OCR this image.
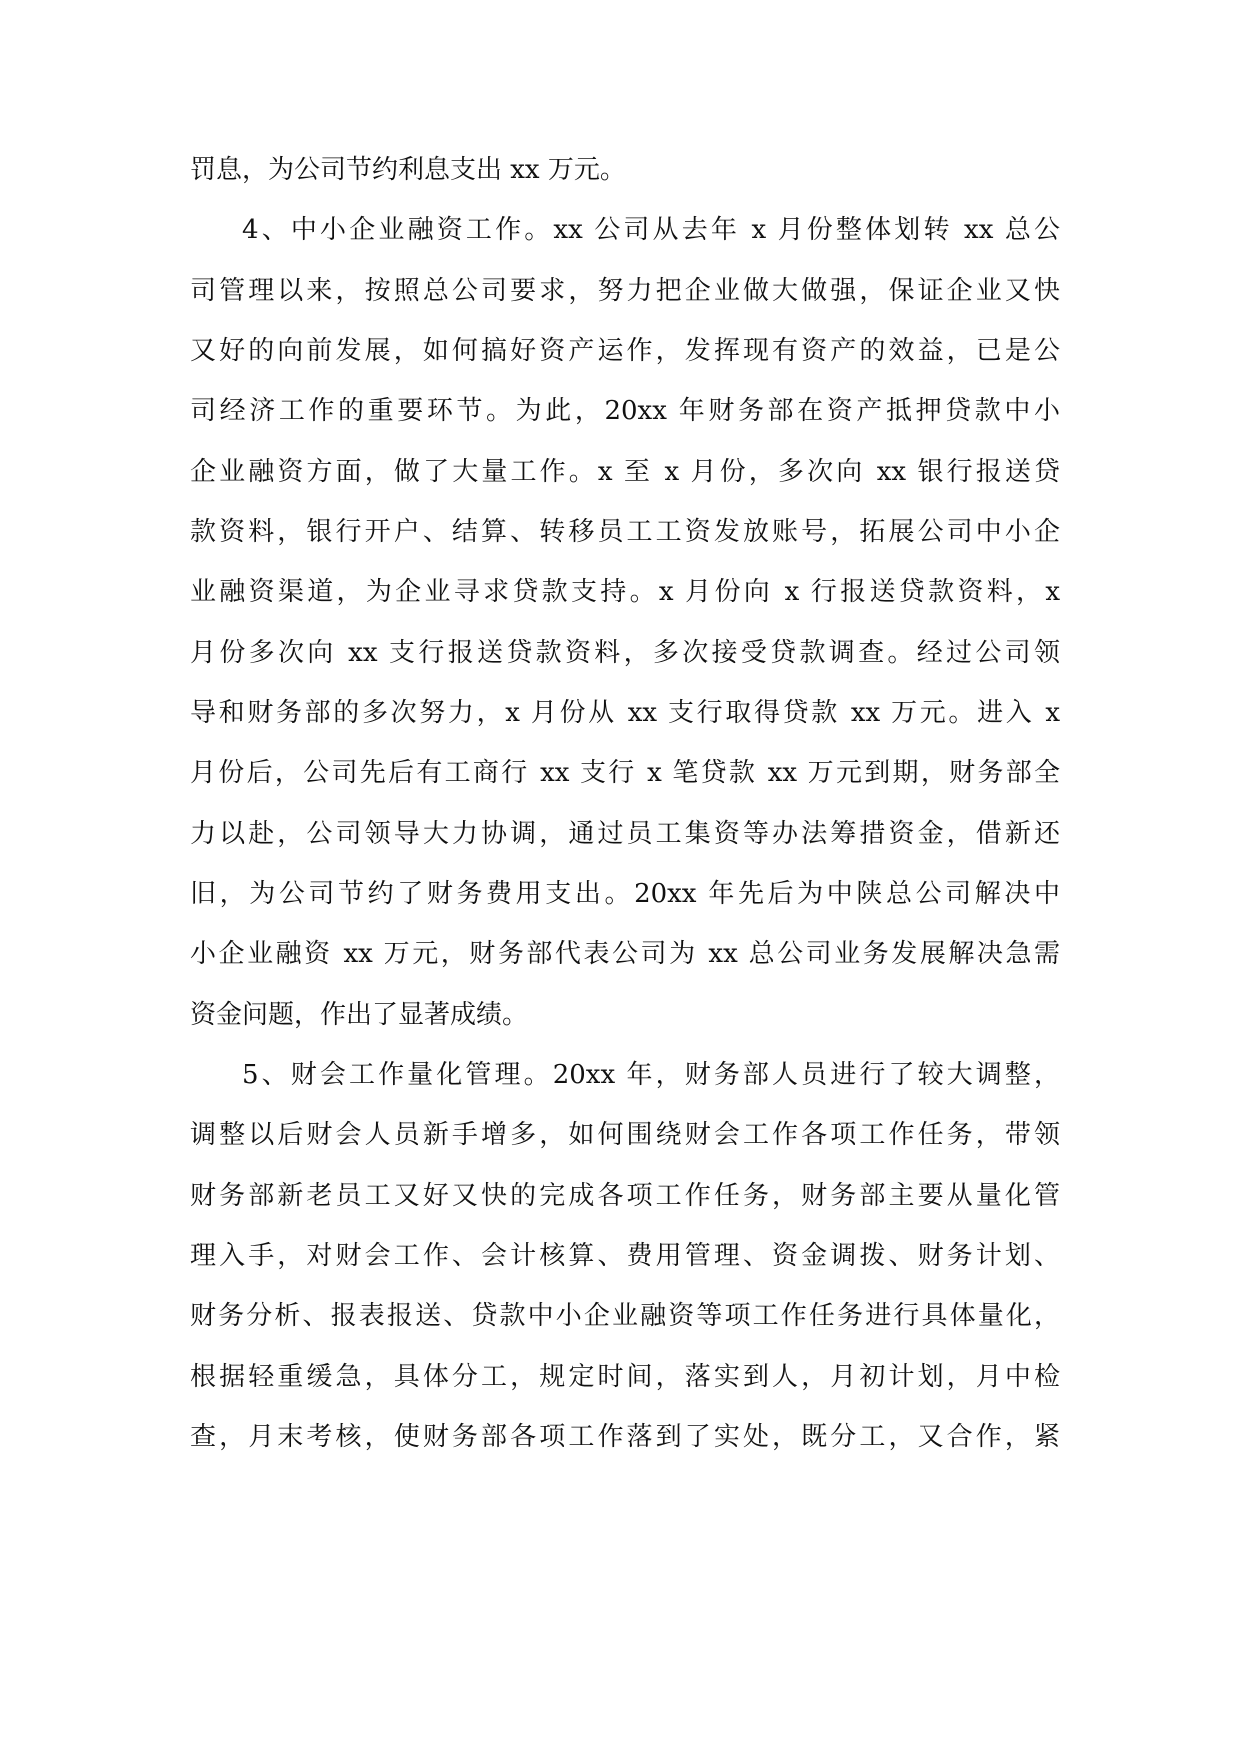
罚息，为公司节约利息支出 xx 万元。
4、中小企业融资工作。xx 公司从去年 x 月份整体划转 xx 总公
司管理以来，按照总公司要求，努力把企业做大做强，保证企业又快
又好的向前发展，如何搞好资产运作，发挥现有资产的效益，已是公
司经济工作的重要环节。为此，20xx 年财务部在资产抵押贷款中小
企业融资方面，做了大量工作。x 至 x 月份，多次向 xx 银行报送贷
款资料，银行开户、结算、转移员工工资发放账号，拓展公司中小企
业融资渠道，为企业寻求贷款支持。x 月份向 x 行报送贷款资料，x
月份多次向 xx 支行报送贷款资料，多次接受贷款调查。经过公司领
导和财务部的多次努力，x 月份从 xx 支行取得贷款 xx 万元。进入 x
月份后，公司先后有工商行 xx 支行 x 笔贷款 xx 万元到期，财务部全
力以赴，公司领导大力协调，通过员工集资等办法筹措资金，借新还
旧，为公司节约了财务费用支出。20xx 年先后为中陕总公司解决中
小企业融资 xx 万元，财务部代表公司为 xx 总公司业务发展解决急需
资金问题，作出了显著成绩。
5、财会工作量化管理。20xx 年，财务部人员进行了较大调整，
调整以后财会人员新手增多，如何围绕财会工作各项工作任务，带领
财务部新老员工又好又快的完成各项工作任务，财务部主要从量化管
理入手，对财会工作、会计核算、费用管理、资金调拨、财务计划、
财务分析、报表报送、贷款中小企业融资等项工作任务进行具体量化，
根据轻重缓急，具体分工，规定时间，落实到人，月初计划，月中检
查，月末考核，使财务部各项工作落到了实处，既分工，又合作，紧
